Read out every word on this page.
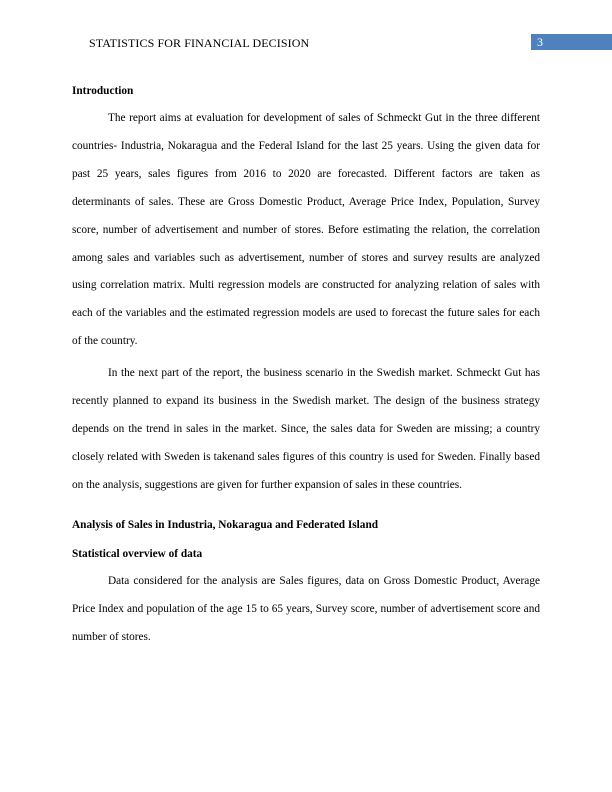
STATISTICS FOR FINANCIAL DECISION	3
Introduction

The report aims at evaluation for development of sales of Schmeckt Gut in the three different countries- Industria, Nokaragua and the Federal Island for the last 25 years. Using the given data for past 25 years, sales figures from 2016 to 2020 are forecasted. Different factors are taken as determinants of sales. These are Gross Domestic Product, Average Price Index, Population, Survey score, number of advertisement and number of stores. Before estimating the relation, the correlation among sales and variables such as advertisement, number of stores and survey results are analyzed using correlation matrix. Multi regression models are constructed for analyzing relation of sales with each of the variables and the estimated regression models are used to forecast the future sales for each of the country.

In the next part of the report, the business scenario in the Swedish market. Schmeckt Gut has recently planned to expand its business in the Swedish market. The design of the business strategy depends on the trend in sales in the market. Since, the sales data for Sweden are missing; a country closely related with Sweden is takenand sales figures of this country is used for Sweden. Finally based on the analysis, suggestions are given for further expansion of sales in these countries.

Analysis of Sales in Industria, Nokaragua and Federated Island
Statistical overview of data

Data considered for the analysis are Sales figures, data on Gross Domestic Product, Average Price Index and population of the age 15 to 65 years, Survey score, number of advertisement score and number of stores.
